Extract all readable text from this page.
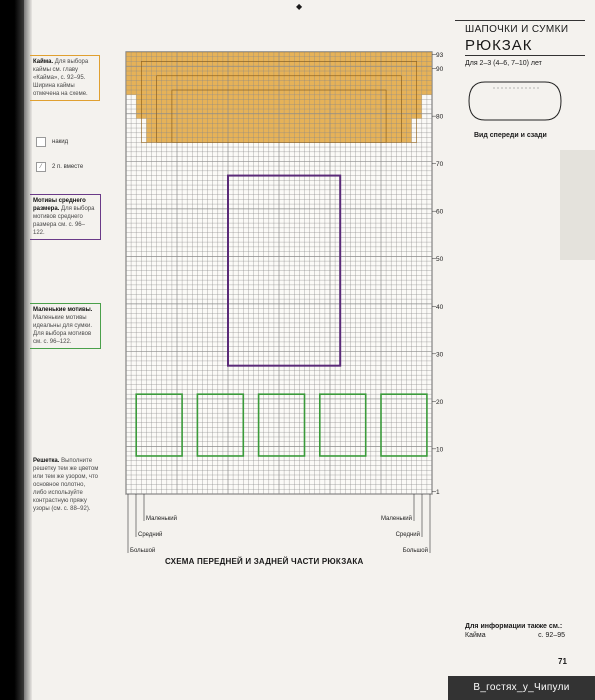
◆
Кайма. Для выбора каймы см. главу «Кайма», с. 92–95. Ширина каймы отмечена на схеме.
накид
⁄	2 п. вместе
Мотивы среднего размера. Для выбора мотивов среднего размера см. с. 96–122.
Маленькие мотивы. Маленькие мотивы идеальны для сумки. Для выбора мотивов см. с. 96–122.
Решетка. Выполните решетку тем же цветом или тем же узором, что основное полотно, либо используйте контрастную пряжу узоры (см. с. 88–92).
1
10
20
30
40
50
60
70
80
90
93
Маленький	Маленький
Средний	Средний
Большой	Большой
СХЕМА ПЕРЕДНЕЙ И ЗАДНЕЙ ЧАСТИ РЮКЗАКА
ШАПОЧКИ И СУМКИ
РЮКЗАК
Для 2–3 (4–6, 7–10) лет
Вид спереди и сзади
Для информации также см.:
Кайма	с. 92–95
71
В_гостях_у_Чипули
